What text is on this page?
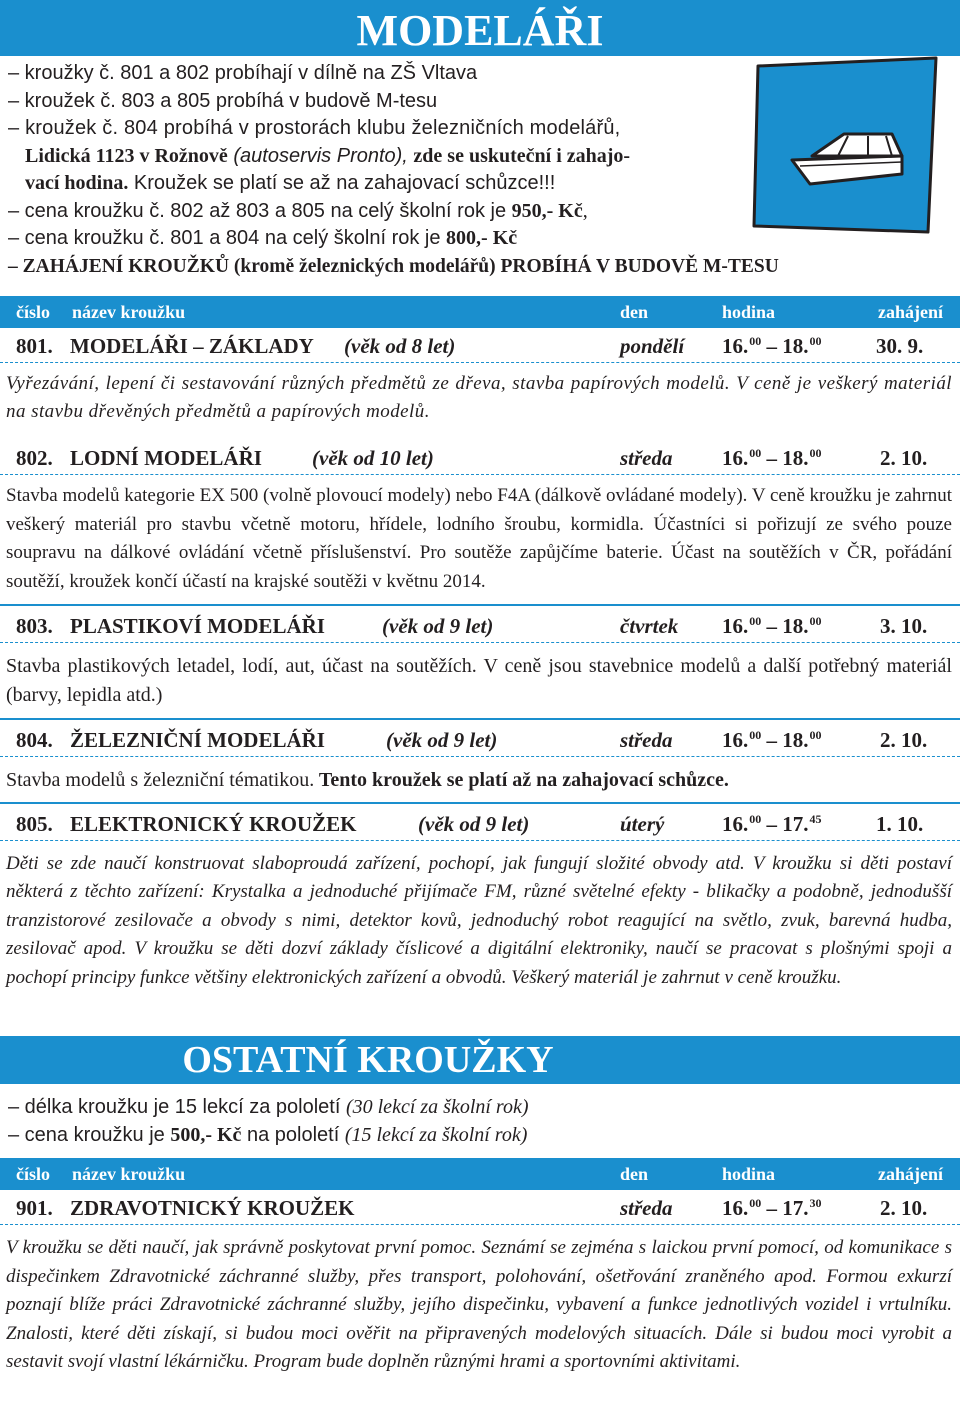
MODELÁŘI
– kroužky č. 801 a 802 probíhají v dílně na ZŠ Vltava
– kroužek č. 803 a 805 probíhá v budově M-tesu
– kroužek č. 804 probíhá v prostorách klubu železničních modelářů,
Lidická 1123 v Rožnově (autoservis Pronto), zde se uskuteční i zahajo-
vací hodina. Kroužek se platí se až na zahajovací schůzce!!!
– cena kroužku č. 802 až 803 a 805 na celý školní rok je 950,- Kč,
– cena kroužku č. 801 a 804 na celý školní rok je 800,- Kč
– ZAHÁJENÍ KROUŽKŮ (kromě železnických modelářů) PROBÍHÁ V BUDOVĚ M-TESU
číslo název kroužku	den	hodina	zahájení
801. MODELÁŘI – ZÁKLADY (věk od 8 let)	pondělí 16.00 – 18.00	30. 9.
Vyřezávání, lepení či sestavování různých předmětů ze dřeva, stavba papírových modelů. V ceně je veškerý materiál na stavbu dřevěných předmětů a papírových modelů.
802. LODNÍ MODELÁŘI (věk od 10 let)	středa 16.00 – 18.00	2. 10.
Stavba modelů kategorie EX 500 (volně plovoucí modely) nebo F4A (dálkově ovládané modely). V ceně kroužku je zahrnut veškerý materiál pro stavbu včetně motoru, hřídele, lodního šroubu, kormidla. Účastníci si pořizují ze svého pouze soupravu na dálkové ovládání včetně příslušenství. Pro soutěže zapůjčíme baterie. Účast na soutěžích v ČR, pořádání soutěží, kroužek končí účastí na krajské soutěži v květnu 2014.
803. PLASTIKOVÍ MODELÁŘI	(věk od 9 let)	čtvrtek 16.00 – 18.00	3. 10.
Stavba plastikových letadel, lodí, aut, účast na soutěžích. V ceně jsou stavebnice modelů a další potřebný materiál (barvy, lepidla atd.)
804. ŽELEZNIČNÍ MODELÁŘI	(věk od 9 let)	středa 16.00 – 18.00	2. 10.
Stavba modelů s železniční tématikou. Tento kroužek se platí až na zahajovací schůzce.
805. ELEKTRONICKÝ KROUŽEK	(věk od 9 let)	úterý	16.00 – 17.45	1. 10.
Děti se zde naučí konstruovat slaboproudá zařízení, pochopí, jak fungují složité obvody atd. V kroužku si děti postaví některá z těchto zařízení: Krystalka a jednoduché přijímače FM, různé světelné efekty - blikačky a podobně, jednodušší tranzistorové zesilovače a obvody s nimi, detektor kovů, jednoduchý robot reagující na světlo, zvuk, barevná hudba, zesilovač apod. V kroužku se děti dozví základy číslicové a digitální elektroniky, naučí se pracovat s plošnými spoji a pochopí principy funkce většiny elektronických zařízení a obvodů. Veškerý materiál je zahrnut v ceně kroužku.
OSTATNÍ KROUŽKY
– délka kroužku je 15 lekcí za pololetí (30 lekcí za školní rok)
– cena kroužku je 500,- Kč na pololetí (15 lekcí za školní rok)
číslo název kroužku	den	hodina	zahájení
901. ZDRAVOTNICKÝ KROUŽEK	středa 16.00 – 17.30	2. 10.
V kroužku se děti naučí, jak správně poskytovat první pomoc. Seznámí se zejména s laickou první pomocí, od komunikace s dispečinkem Zdravotnické záchranné služby, přes transport, polohování, ošetřování zraněného apod. Formou exkurzí poznají blíže práci Zdravotnické záchranné služby, jejího dispečinku, vybavení a funkce jednotlivých vozidel i vrtulníku. Znalosti, které děti získají, si budou moci ověřit na připravených modelových situacích. Dále si budou moci vyrobit a sestavit svojí vlastní lékárničku. Program bude doplněn různými hrami a sportovními aktivitami.
